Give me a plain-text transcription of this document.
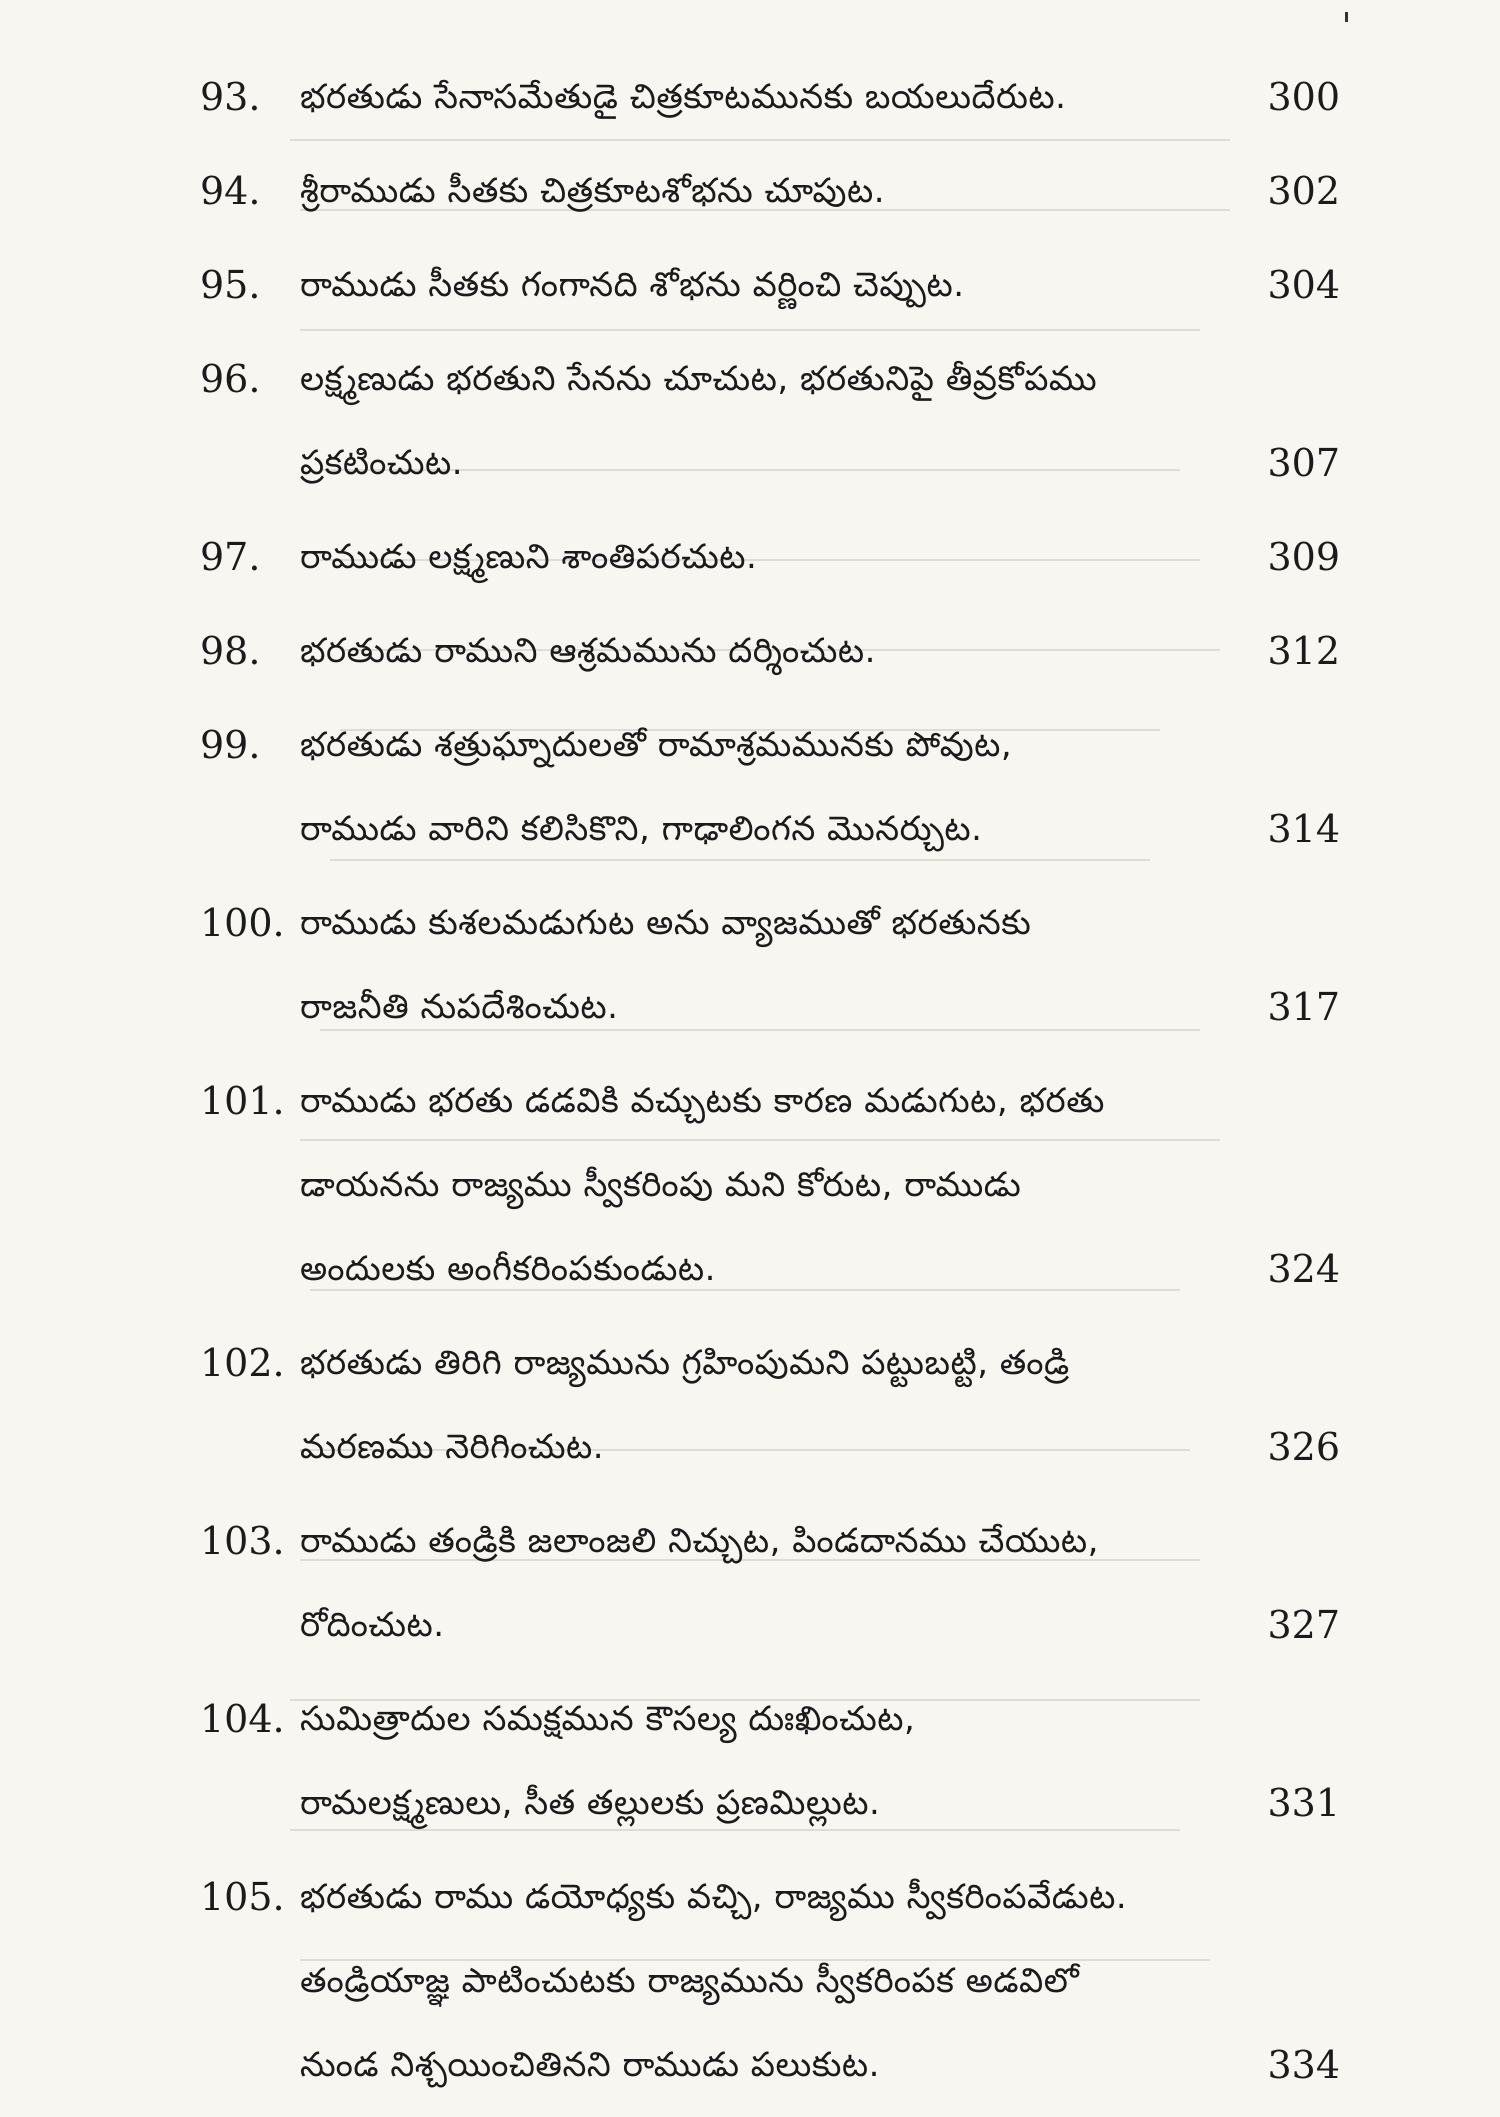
93.	భరతుడు సేనాసమేతుడై చిత్రకూటమునకు బయలుదేరుట.	300
94.	శ్రీరాముడు సీతకు చిత్రకూటశోభను చూపుట.	302
95.	రాముడు సీతకు గంగానది శోభను వర్ణించి చెప్పుట.	304
96.	లక్ష్మణుడు భరతుని సేనను చూచుట, భరతునిపై తీవ్రకోపము
ప్రకటించుట.	307
97.	రాముడు లక్ష్మణుని శాంతిపరచుట.	309
98.	భరతుడు రాముని ఆశ్రమమును దర్శించుట.	312
99.	భరతుడు శత్రుఘ్నాదులతో రామాశ్రమమునకు పోవుట,
రాముడు వారిని కలిసికొని, గాఢాలింగన మొనర్చుట.	314
100. రాముడు కుశలమడుగుట అను వ్యాజముతో భరతునకు
రాజనీతి నుపదేశించుట.	317
101. రాముడు భరతు డడవికి వచ్చుటకు కారణ మడుగుట, భరతు
డాయనను రాజ్యము స్వీకరింపు మని కోరుట, రాముడు
అందులకు అంగీకరింపకుండుట.	324
102. భరతుడు తిరిగి రాజ్యమును గ్రహింపుమని పట్టుబట్టి, తండ్రి
మరణము నెరిగించుట.	326
103. రాముడు తండ్రికి జలాంజలి నిచ్చుట, పిండదానము చేయుట,
రోదించుట.	327
104. సుమిత్రాదుల సమక్షమున కౌసల్య దుఃఖించుట,
రామలక్ష్మణులు, సీత తల్లులకు ప్రణమిల్లుట.	331
105. భరతుడు రాము డయోధ్యకు వచ్చి, రాజ్యము స్వీకరింపవేడుట.
తండ్రియాజ్ఞ పాటించుటకు రాజ్యమును స్వీకరింపక అడవిలో
నుండ నిశ్చయించితినని రాముడు పలుకుట.	334
